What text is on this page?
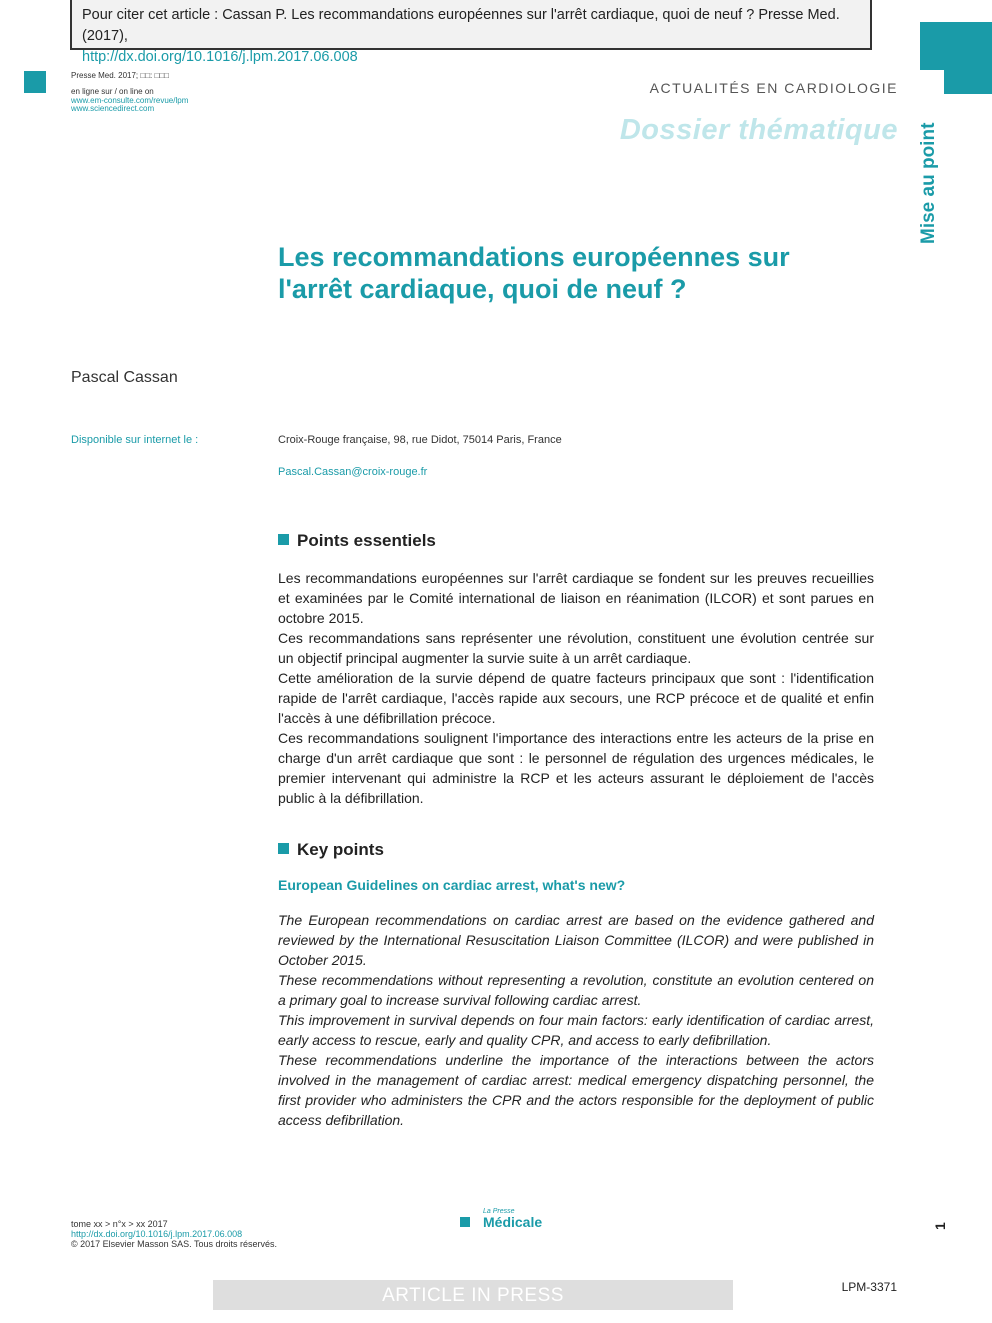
Pour citer cet article : Cassan P. Les recommandations européennes sur l'arrêt cardiaque, quoi de neuf ? Presse Med. (2017),
http://dx.doi.org/10.1016/j.lpm.2017.06.008
Presse Med. 2017; □□: □□□
en ligne sur / on line on
www.em-consulte.com/revue/lpm
www.sciencedirect.com
ACTUALITÉS EN CARDIOLOGIE
Dossier thématique Mise au point
Les recommandations européennes sur l'arrêt cardiaque, quoi de neuf ?
Pascal Cassan
Disponible sur internet le :	Croix-Rouge française, 98, rue Didot, 75014 Paris, France
Pascal.Cassan@croix-rouge.fr
Points essentiels

Les recommandations européennes sur l'arrêt cardiaque se fondent sur les preuves recueillies et examinées par le Comité international de liaison en réanimation (ILCOR) et sont parues en octobre 2015.

Ces recommandations sans représenter une révolution, constituent une évolution centrée sur un objectif principal augmenter la survie suite à un arrêt cardiaque.

Cette amélioration de la survie dépend de quatre facteurs principaux que sont : l'identification rapide de l'arrêt cardiaque, l'accès rapide aux secours, une RCP précoce et de qualité et enfin l'accès à une défibrillation précoce.

Ces recommandations soulignent l'importance des interactions entre les acteurs de la prise en charge d'un arrêt cardiaque que sont : le personnel de régulation des urgences médicales, le premier intervenant qui administre la RCP et les acteurs assurant le déploiement de l'accès public à la défibrillation.

Key points
European Guidelines on cardiac arrest, what's new?

The European recommendations on cardiac arrest are based on the evidence gathered and reviewed by the International Resuscitation Liaison Committee (ILCOR) and were published in October 2015.

These recommendations without representing a revolution, constitute an evolution centered on a primary goal to increase survival following cardiac arrest.

This improvement in survival depends on four main factors: early identification of cardiac arrest, early access to rescue, early and quality CPR, and access to early defibrillation.

These recommendations underline the importance of the interactions between the actors involved in the management of cardiac arrest: medical emergency dispatching personnel, the first provider who administers the CPR and the actors responsible for the deployment of public access defibrillation.

tome xx > n°x > xx 2017
http://dx.doi.org/10.1016/j.lpm.2017.06.008
© 2017 Elsevier Masson SAS. Tous droits réservés.
La Presse
Médicale	1
ARTICLE IN PRESS	LPM-3371
